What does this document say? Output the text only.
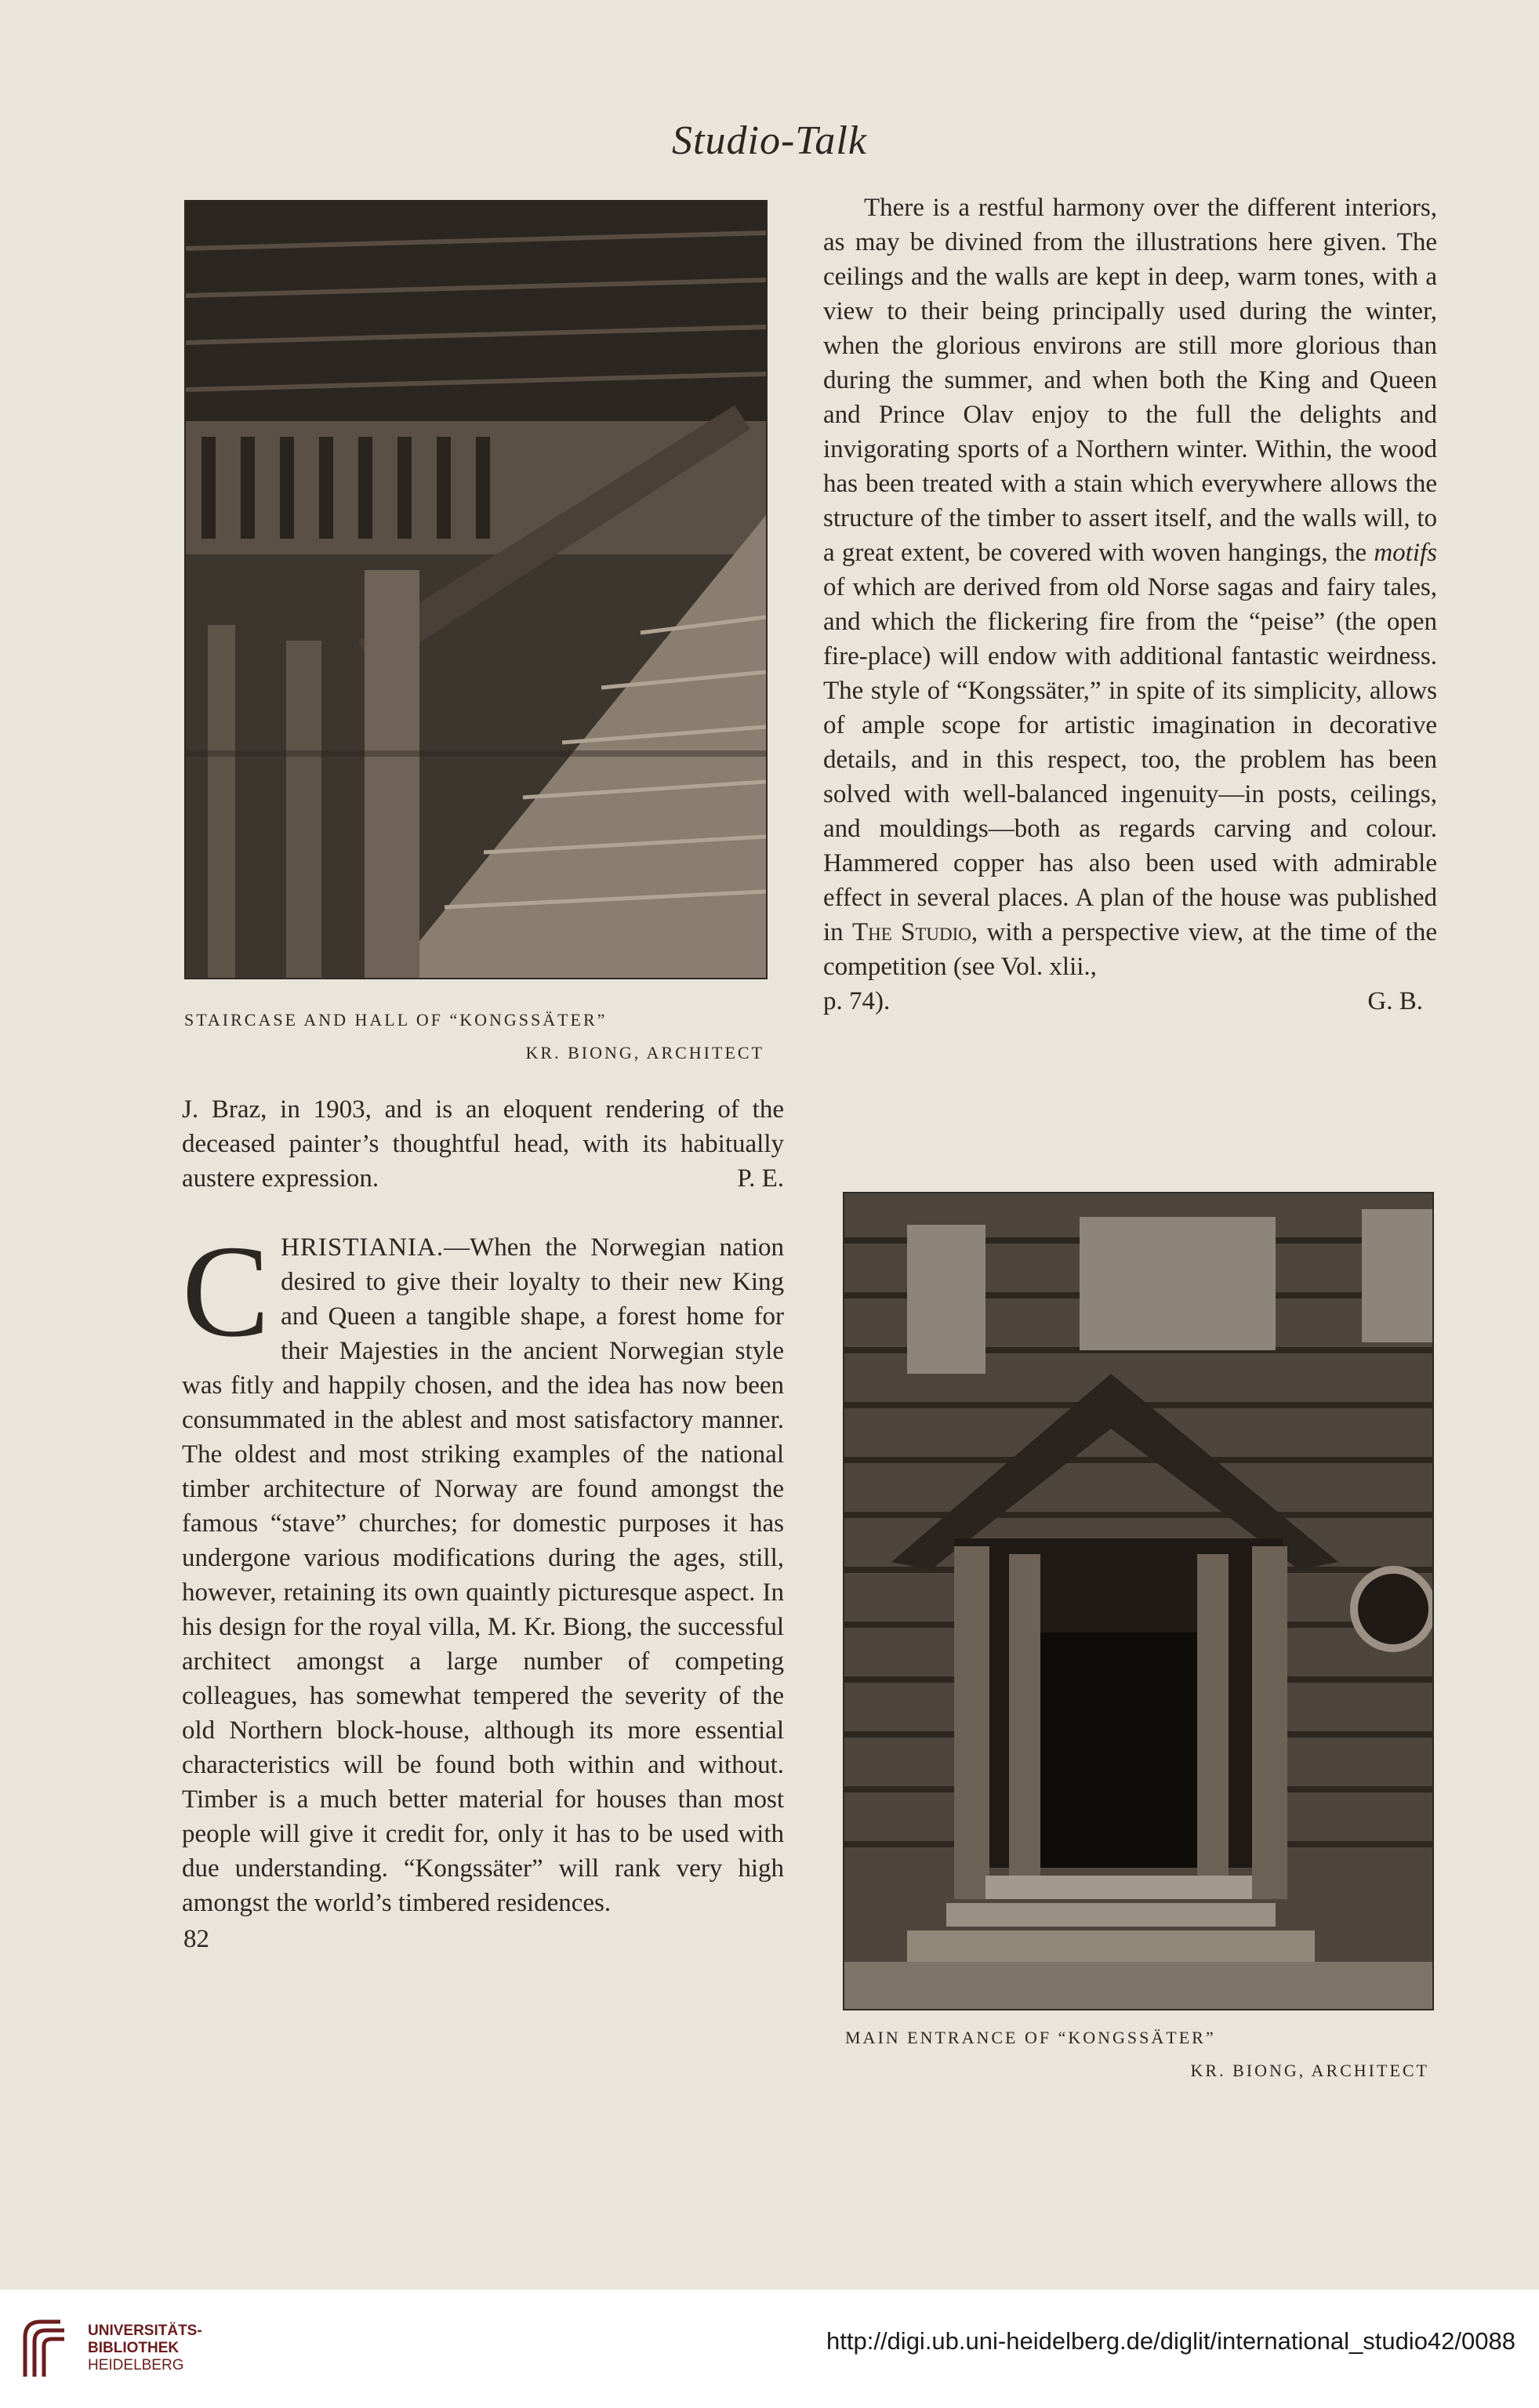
Studio-Talk
STAIRCASE AND HALL OF “KONGSSÄTER”
KR. BIONG, ARCHITECT
MAIN ENTRANCE OF “KONGSSÄTER”
KR. BIONG, ARCHITECT

J. Braz, in 1903, and is an eloquent rendering of the deceased painter’s thoughtful head, with its habitually austere expression.	P. E.

CHRISTIANIA.—When the Norwegian nation desired to give their loyalty to their new King and Queen a tangible shape, a forest home for their Majesties in the ancient Norwegian style was fitly and happily chosen, and the idea has now been consummated in the ablest and most satisfactory manner. The oldest and most striking examples of the national timber architecture of Norway are found amongst the famous “stave” churches; for domestic purposes it has undergone various modifications during the ages, still, however, retaining its own quaintly picturesque aspect. In his design for the royal villa, M. Kr. Biong, the successful architect amongst a large number of competing colleagues, has somewhat tempered the severity of the old Northern block-house, although its more essential characteristics will be found both within and without. Timber is a much better material for houses than most people will give it credit for, only it has to be used with due understanding. “Kongssäter” will rank very high amongst the world’s timbered residences.

82

There is a restful harmony over the different interiors, as may be divined from the illustrations here given. The ceilings and the walls are kept in deep, warm tones, with a view to their being principally used during the winter, when the glorious environs are still more glorious than during the summer, and when both the King and Queen and Prince Olav enjoy to the full the delights and invigorating sports of a Northern winter. Within, the wood has been treated with a stain which everywhere allows the structure of the timber to assert itself, and the walls will, to a great extent, be covered with woven hangings, the motifs of which are derived from old Norse sagas and fairy tales, and which the flickering fire from the “peise” (the open fire-place) will endow with additional fantastic weirdness. The style of “Kongssäter,” in spite of its simplicity, allows of ample scope for artistic imagination in decorative details, and in this respect, too, the problem has been solved with well-balanced ingenuity—in posts, ceilings, and mouldings—both as regards carving and colour. Hammered copper has also been used with admirable effect in several places. A plan of the house was published in The Studio, with a perspective view, at the time of the competition (see Vol. xlii.,

p. 74).	G. B.
UNIVERSITÄTS-
BIBLIOTHEK
HEIDELBERG
http://digi.ub.uni-heidelberg.de/diglit/international_studio42/0088
